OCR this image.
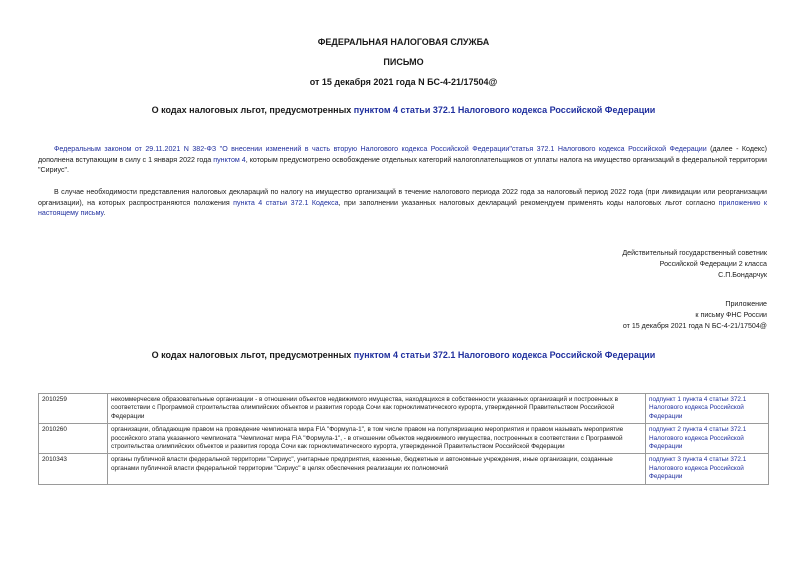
ФЕДЕРАЛЬНАЯ НАЛОГОВАЯ СЛУЖБА
ПИСЬМО
от 15 декабря 2021 года N БС-4-21/17504@
О кодах налоговых льгот, предусмотренных пунктом 4 статьи 372.1 Налогового кодекса Российской Федерации
Федеральным законом от 29.11.2021 N 382-ФЗ "О внесении изменений в часть вторую Налогового кодекса Российской Федерации"статья 372.1 Налогового кодекса Российской Федерации (далее - Кодекс) дополнена вступающим в силу с 1 января 2022 года пунктом 4, которым предусмотрено освобождение отдельных категорий налогоплательщиков от уплаты налога на имущество организаций в федеральной территории "Сириус".
В случае необходимости представления налоговых деклараций по налогу на имущество организаций в течение налогового периода 2022 года за налоговый период 2022 года (при ликвидации или реорганизации организации), на которых распространяются положения пункта 4 статьи 372.1 Кодекса, при заполнении указанных налоговых деклараций рекомендуем применять коды налоговых льгот согласно приложению к настоящему письму.
Действительный государственный советник
Российской Федерации 2 класса
С.П.Бондарчук
Приложение
к письму ФНС России
от 15 декабря 2021 года N БС-4-21/17504@
О кодах налоговых льгот, предусмотренных пунктом 4 статьи 372.1 Налогового кодекса Российской Федерации
2010259	некоммерческие образовательные организации - в отношении объектов недвижимого имущества, находящихся в собственности указанных организаций и построенных в соответствии с Программой строительства олимпийских объектов и развития города Сочи как горноклиматического курорта, утвержденной Правительством Российской Федерации	подпункт 1 пункта 4 статьи 372.1 Налогового кодекса Российской Федерации
2010260	организации, обладающие правом на проведение чемпионата мира FIA "Формула-1", в том числе правом на популяризацию мероприятия и правом называть мероприятие российского этапа указанного чемпионата "Чемпионат мира FIA "Формула-1", - в отношении объектов недвижимого имущества, построенных в соответствии с Программой строительства олимпийских объектов и развития города Сочи как горноклиматического курорта, утвержденной Правительством Российской Федерации	подпункт 2 пункта 4 статьи 372.1 Налогового кодекса Российской Федерации
2010343	органы публичной власти федеральной территории "Сириус", унитарные предприятия, казенные, бюджетные и автономные учреждения, иные организации, созданные органами публичной власти федеральной территории "Сириус" в целях обеспечения реализации их полномочий	подпункт 3 пункта 4 статьи 372.1 Налогового кодекса Российской Федерации
